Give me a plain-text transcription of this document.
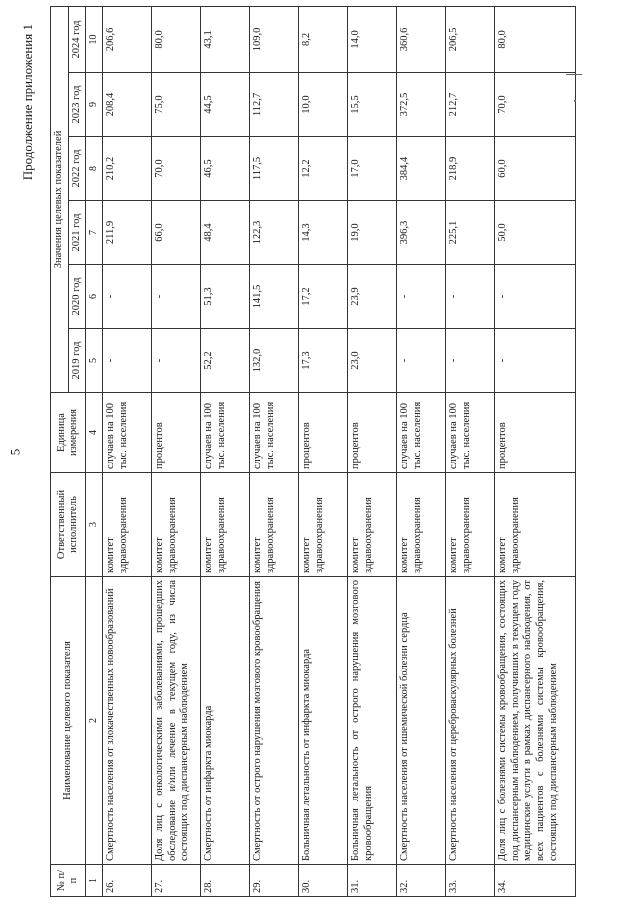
5
Продолжение приложения 1
№ п/п	Наименование целевого показателя	Ответственный исполнитель	Единица измерения	Значения целевых показателей					
				2019 год	2020 год	2021 год	2022 год	2023 год	2024 год
1	2	3	4	5	6	7	8	9	10
26.	Смертность населения от злокачественных новообразований	комитет здравоохранения	случаев на 100 тыс. населения	-	-	211,9	210,2	208,4	206,6
27.	Доля лиц с онкологическими заболеваниями, прошедших обследование и/или лечение в текущем году, из числа состоящих под диспансерным наблюдением	комитет здравоохранения	процентов	-	-	66,0	70,0	75,0	80,0
28.	Смертность от инфаркта миокарда	комитет здравоохранения	случаев на 100 тыс. населения	52,2	51,3	48,4	46,5	44,5	43,1
29.	Смертность от острого нарушения мозгового кровообращения	комитет здравоохранения	случаев на 100 тыс. населения	132,0	141,5	122,3	117,5	112,7	109,0
30.	Больничная летальность от инфаркта миокарда	комитет здравоохранения	процентов	17,3	17,2	14,3	12,2	10,0	8,2
31.	Больничная летальность от острого нарушения мозгового кровообращения	комитет здравоохранения	процентов	23,0	23,9	19,0	17,0	15,5	14,0
32.	Смертность населения от ишемической болезни сердца	комитет здравоохранения	случаев на 100 тыс. населения	-	-	396,3	384,4	372,5	360,6
33.	Смертность населения от цереброваскулярных болезней	комитет здравоохранения	случаев на 100 тыс. населения	-	-	225,1	218,9	212,7	206,5
34.	Доля лиц с болезнями системы кровообращения, состоящих под диспансерным наблюдением, получивших в текущем году медицинские услуги в рамках диспансерного наблюдения, от всех пациентов с болезнями системы кровообращения, состоящих под диспансерным наблюдением	комитет здравоохранения	процентов	-	-	50,0	60,0	70,0	80,0
